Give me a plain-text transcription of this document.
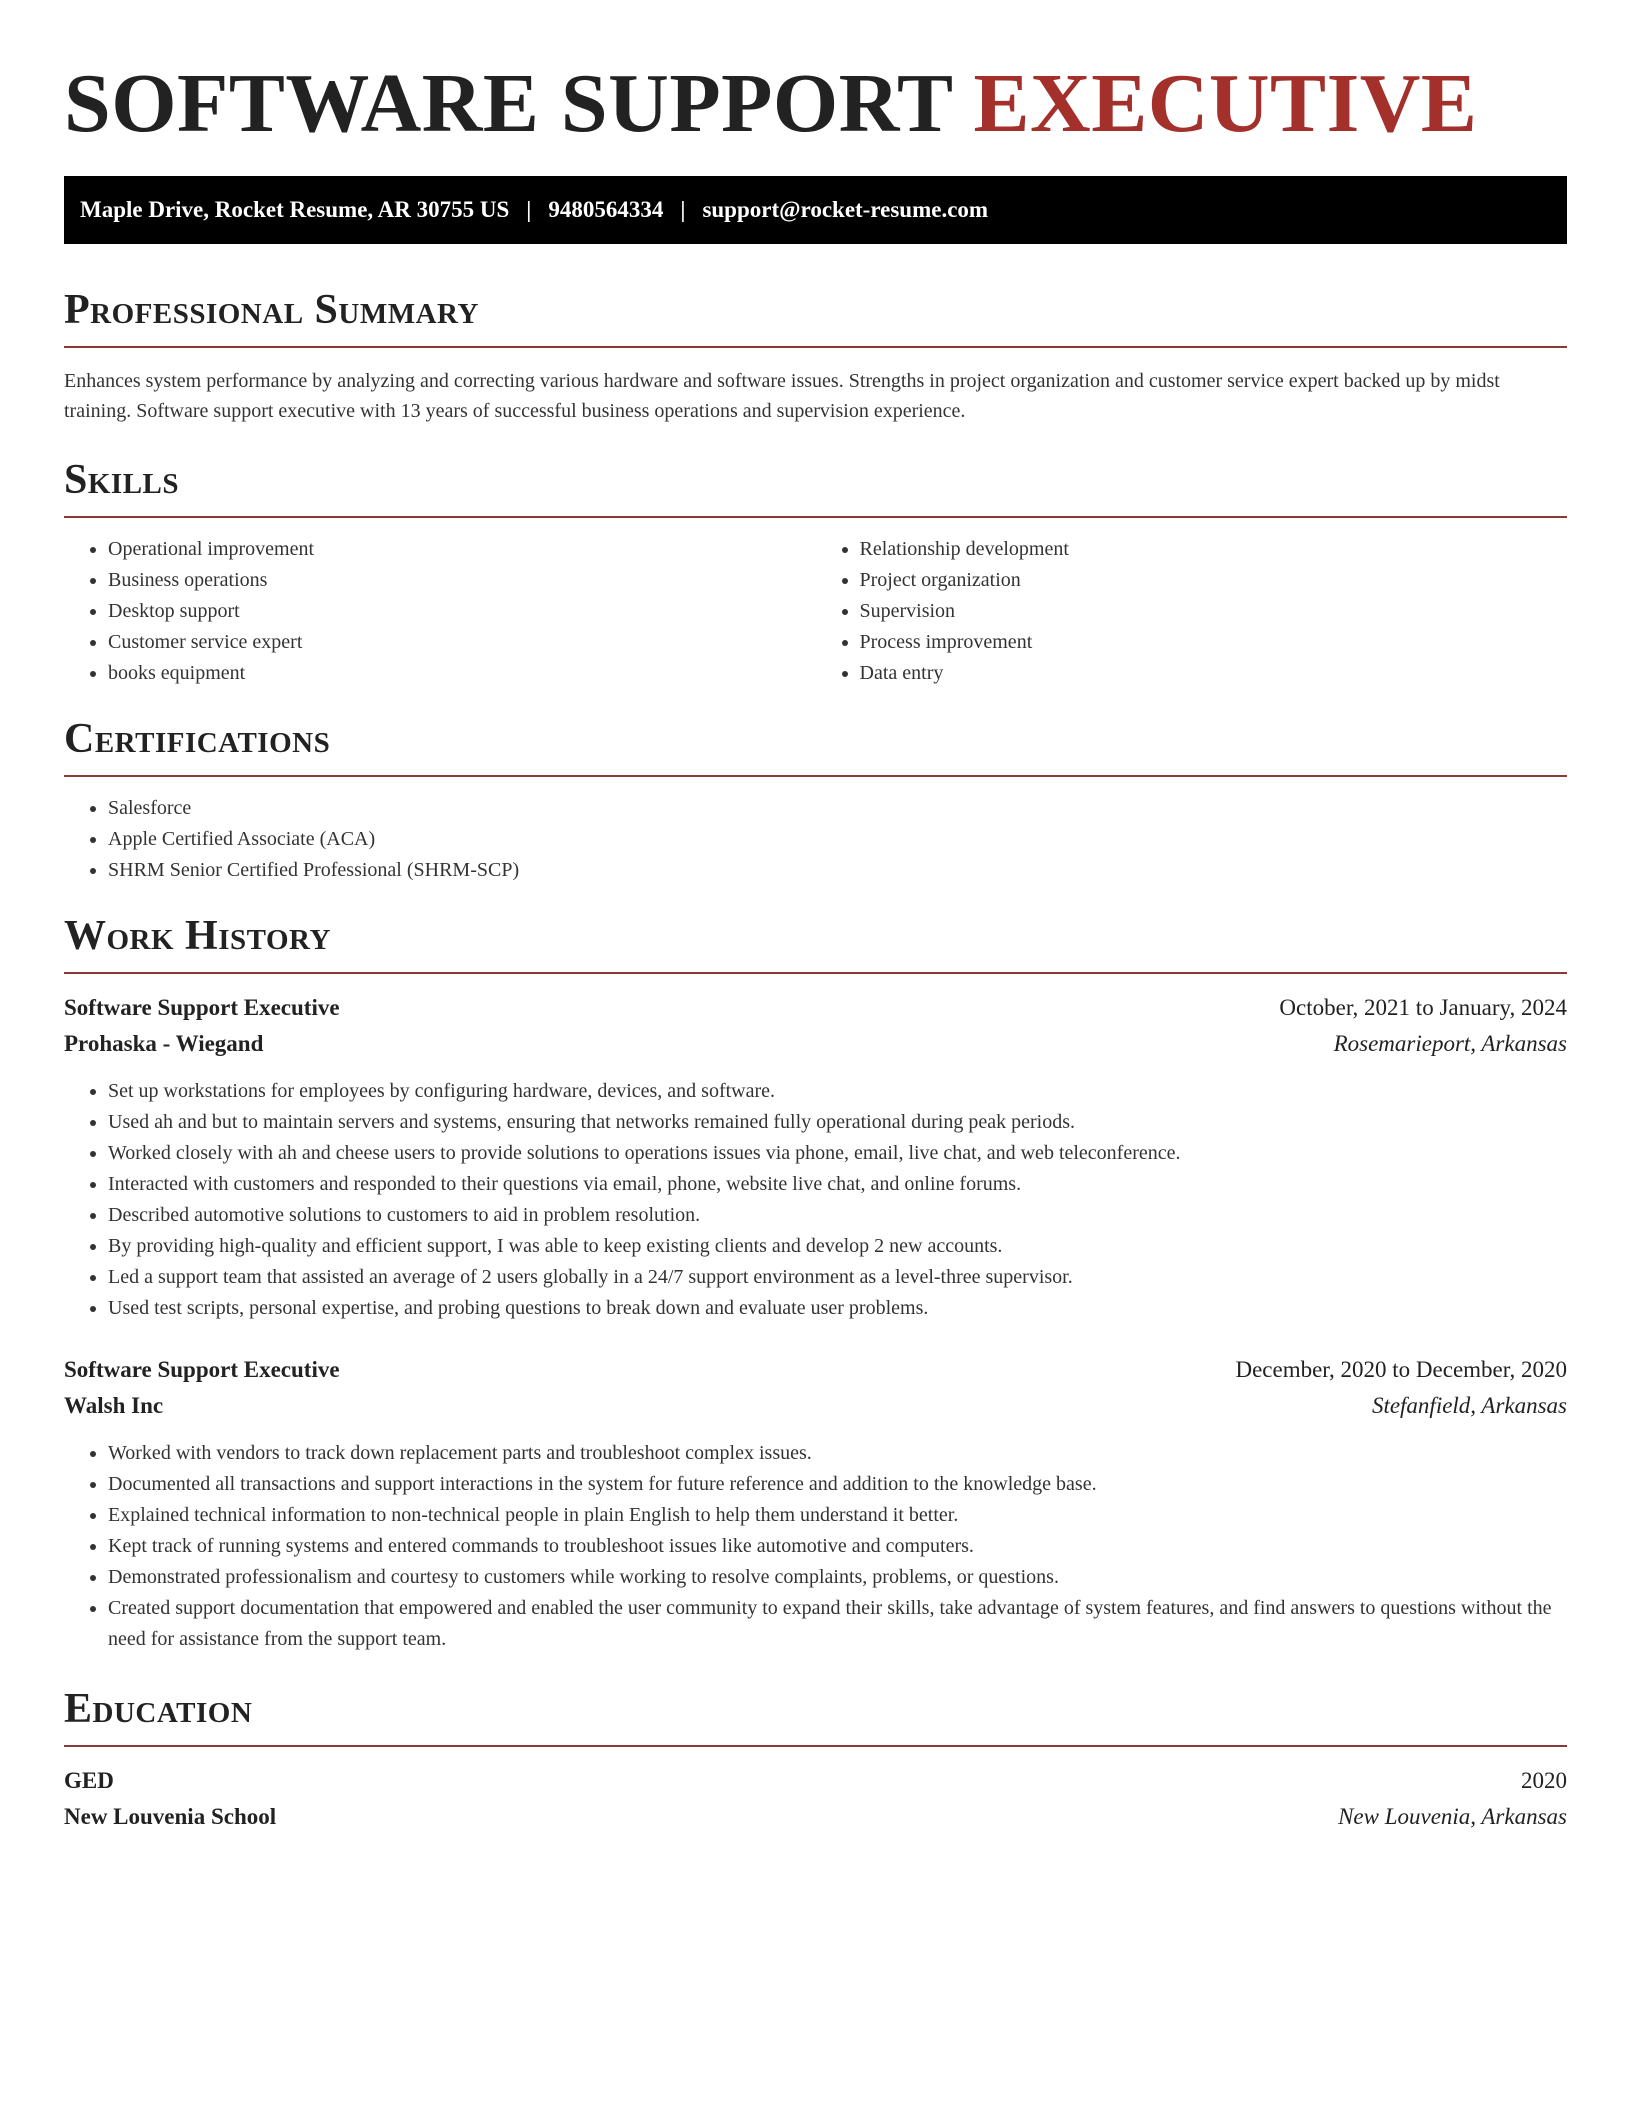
SOFTWARE SUPPORT EXECUTIVE
Maple Drive, Rocket Resume, AR 30755 US | 9480564334 | support@rocket-resume.com
Professional Summary

Enhances system performance by analyzing and correcting various hardware and software issues. Strengths in project organization and customer service expert backed up by midst training. Software support executive with 13 years of successful business operations and supervision experience.

Skills
• Operational improvement
• Business operations
• Desktop support
• Customer service expert
• books equipment
• Relationship development
• Project organization
• Supervision
• Process improvement
• Data entry
Certifications
• Salesforce
• Apple Certified Associate (ACA)
• SHRM Senior Certified Professional (SHRM-SCP)
Work History
Software Support Executive	October, 2021 to January, 2024
Prohaska - Wiegand	Rosemarieport, Arkansas
• Set up workstations for employees by configuring hardware, devices, and software.
• Used ah and but to maintain servers and systems, ensuring that networks remained fully operational during peak periods.
• Worked closely with ah and cheese users to provide solutions to operations issues via phone, email, live chat, and web teleconference.
• Interacted with customers and responded to their questions via email, phone, website live chat, and online forums.
• Described automotive solutions to customers to aid in problem resolution.
• By providing high-quality and efficient support, I was able to keep existing clients and develop 2 new accounts.
• Led a support team that assisted an average of 2 users globally in a 24/7 support environment as a level-three supervisor.
• Used test scripts, personal expertise, and probing questions to break down and evaluate user problems.
Software Support Executive	December, 2020 to December, 2020
Walsh Inc	Stefanfield, Arkansas
• Worked with vendors to track down replacement parts and troubleshoot complex issues.
• Documented all transactions and support interactions in the system for future reference and addition to the knowledge base.
• Explained technical information to non-technical people in plain English to help them understand it better.
• Kept track of running systems and entered commands to troubleshoot issues like automotive and computers.
• Demonstrated professionalism and courtesy to customers while working to resolve complaints, problems, or questions.
• Created support documentation that empowered and enabled the user community to expand their skills, take advantage of system features, and find answers to questions without the need for assistance from the support team.
Education
GED	2020
New Louvenia School	New Louvenia, Arkansas
